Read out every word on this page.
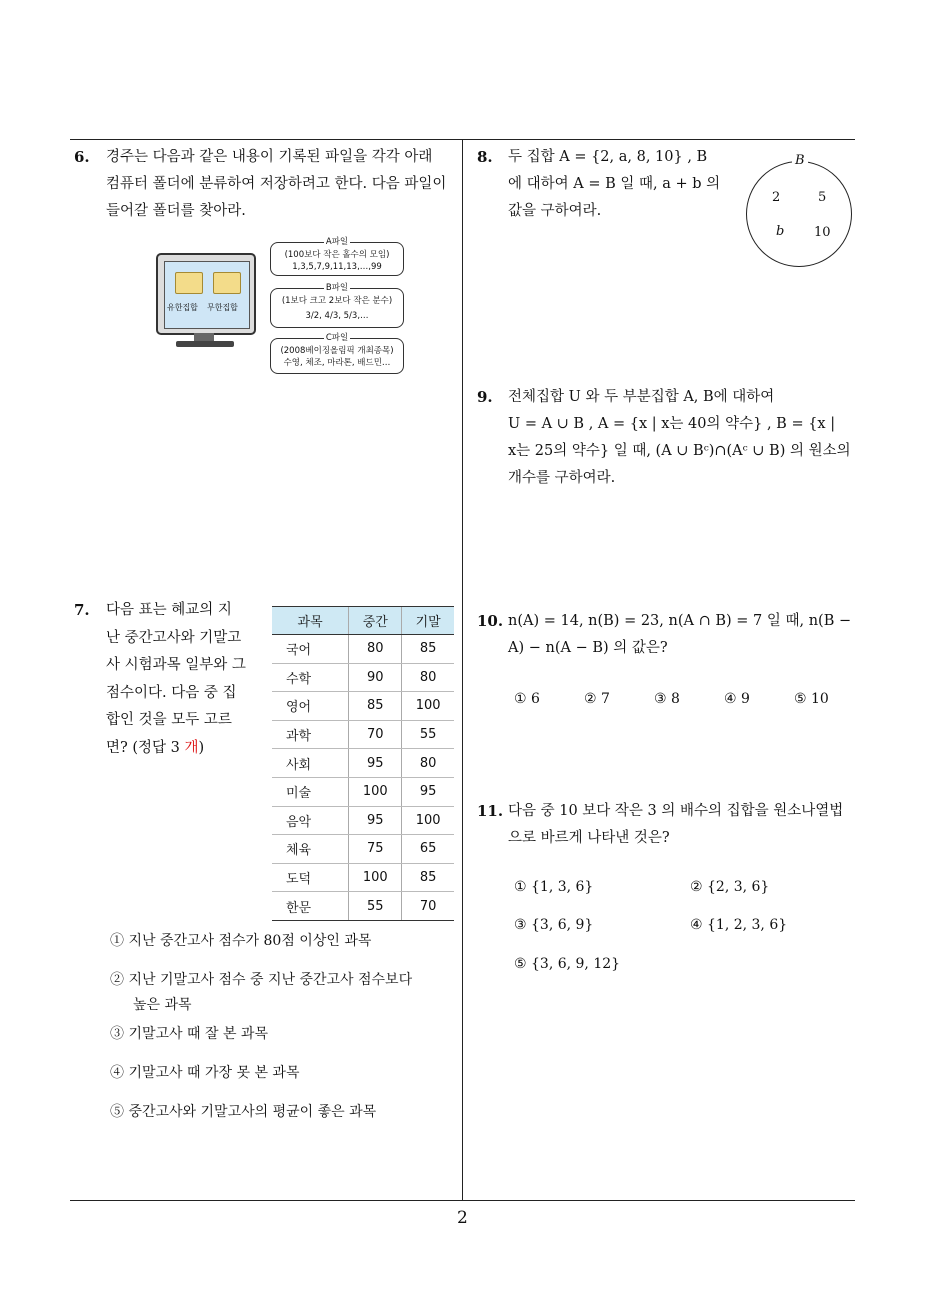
6. 경주는 다음과 같은 내용이 기록된 파일을 각각 아래
컴퓨터 폴더에 분류하여 저장하려고 한다. 다음 파일이
들어갈 폴더를 찾아라.
유한집합 무한집합
A파일
(100보다 작은 홀수의 모임)
1,3,5,7,9,11,13,…,99
B파일
(1보다 크고 2보다 작은 분수)
3/2, 4/3, 5/3,…
C파일
(2008베이징올림픽 개최종목)
수영, 체조, 마라톤, 배드민…
7. 다음 표는 혜교의 지
난 중간고사와 기말고
사 시험과목 일부와 그
점수이다. 다음 중 집
합인 것을 모두 고르
면? (정답 3 개)
과목	중간	기말
국어	80	85
수학	90	80
영어	85	100
과학	70	55
사회	95	80
미술	100	95
음악	95	100
체육	75	65
도덕	100	85
한문	55	70
① 지난 중간고사 점수가 80점 이상인 과목
② 지난 기말고사 점수 중 지난 중간고사 점수보다
높은 과목
③ 기말고사 때 잘 본 과목
④ 기말고사 때 가장 못 본 과목
⑤ 중간고사와 기말고사의 평균이 좋은 과목
8. 두 집합 A = {2, a, 8, 10} , B
에 대하여 A = B 일 때, a + b 의
값을 구하여라.
B
2	5
b 10
9. 전체집합 U 와 두 부분집합 A, B에 대하여
U = A ∪ B , A = {x | x는 40의 약수} , B = {x |
x는 25의 약수} 일 때, (A ∪ Bᶜ)∩(Aᶜ ∪ B) 의 원소의
개수를 구하여라.
10. n(A) = 14, n(B) = 23, n(A ∩ B) = 7 일 때, n(B −
A) − n(A − B) 의 값은?
① 6	② 7	③ 8	④ 9	⑤ 10
11. 다음 중 10 보다 작은 3 의 배수의 집합을 원소나열법
으로 바르게 나타낸 것은?
① {1, 3, 6}	② {2, 3, 6}
③ {3, 6, 9}	④ {1, 2, 3, 6}
⑤ {3, 6, 9, 12}
2
